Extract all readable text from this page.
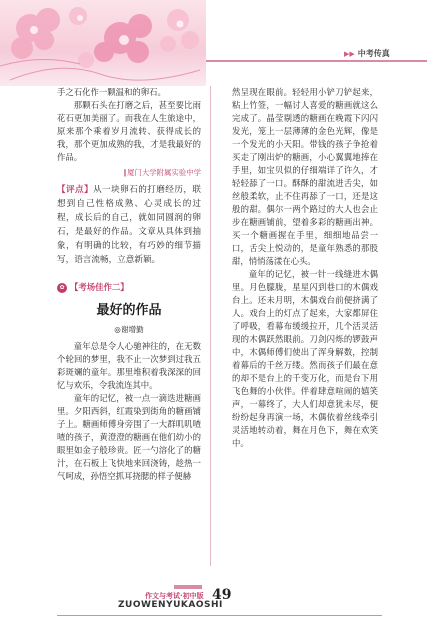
▶▶ 中考传真

手之石化作一颗温和的卵石。

那颗石头在打磨之后，甚至要比雨花石更加美丽了。而我在人生旅途中，原来那个乘着岁月流转、获得成长的我，那个更加成熟的我，才是我最好的作品。

∥厦门大学附属实验中学

【评点】从一块卵石的打磨经历，联想到自己性格成熟、心灵成长的过程，成长后的自己，就如同圆润的卵石，是最好的作品。文章从具体到抽象，有明确的比较，有巧妙的细节描写，语言流畅，立意新颖。

✿ 【考场佳作二】
最好的作品
◎谢增勤

童年总是令人心驰神往的，在无数个轮回的梦里，我不止一次梦到过我五彩斑斓的童年。那里堆积着我深深的回忆与欢乐，令我流连其中。

童年的记忆，被一点一滴迭进糖画里。夕阳西斜，红霞染到街角的糖画铺子上。糖画师傅身旁围了一大群叽叽喳喳的孩子，黄澄澄的糖画在他们幼小的眼里如金子般珍贵。匠一勺溶化了的糖汁，在石板上飞快地来回浇铸，趁热一气呵成，孙悟空抓耳挠腮的样子便赫

然呈现在眼前。轻轻用小铲刀铲起来，粘上竹签，一幅讨人喜爱的糖画就这么完成了。晶莹剔透的糖画在晚霞下闪闪发光，笼上一层薄薄的金色光辉，像是一个发光的小天阳。带钱的孩子争抢着买走了刚出炉的糖画，小心翼翼地捧在手里，如宝贝似的仔细端详了许久，才轻轻舔了一口。酥酥的甜流进舌尖，如丝般柔软，止不住再舔了一口，还是这般的甜。偶尔一两个路过的大人也会止步在糖画铺前，望着多彩的糖画出神。买一个糖画握在手里，细细地品尝一口，舌尖上悦动的，是童年熟悉的那股甜，悄悄荡漾在心头。

童年的记忆，被一针一线缝进木偶里。月色朦胧，星星闪到巷口的木偶戏台上。还未月明，木偶戏台前便挤满了人。戏台上的灯点了起来，大家都屏住了呼吸，看幕布缓缓拉开，几个活灵活现的木偶跃然眼前。刀剑闪烁的锣鼓声中，木偶师傅们使出了浑身解数，控制着幕后的千丝万缕。然而孩子们最在意的却不是台上的千变万化，而是台下用飞色舞的小伙伴。伴着肆意喧闹的嬉笑声，一幕终了，大人们却意犹未尽，便纷纷起身再演一场，木偶依着丝线牵引灵活地转动着，舞在月色下，舞在欢笑中。

作文与考试·初中版
ZUOWENYUKAOSHI
49
